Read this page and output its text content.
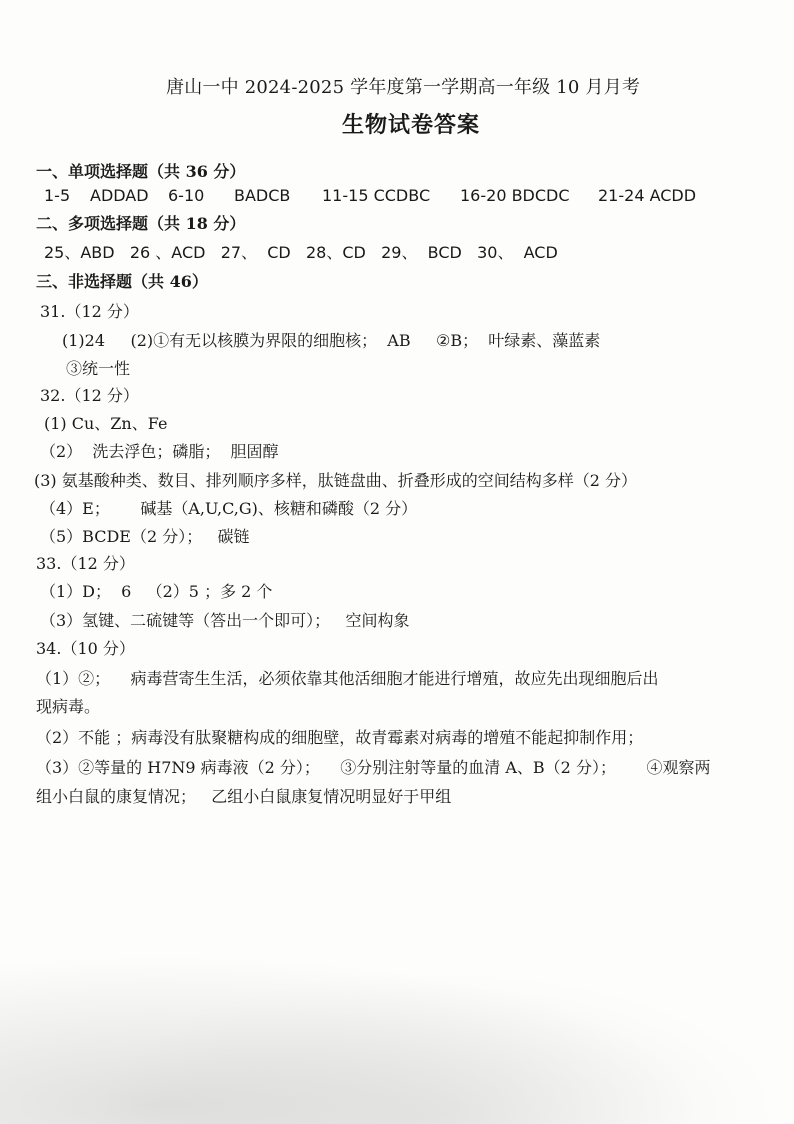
唐山一中 2024-2025 学年度第一学期高一年级 10 月月考
生物试卷答案
一、单项选择题（共 36 分）
1-5 ADDAD 6-10 BADCB 11-15 CCDBC 16-20 BDCDC 21-24 ACDD
二、多项选择题（共 18 分）
25、ABD   26 、ACD   27、  CD   28、CD   29、  BCD   30、  ACD
三、非选择题（共 46）
31.（12 分）
(1)24     (2)①有无以核膜为界限的细胞核；  AB     ②B；  叶绿素、藻蓝素
③统一性
32.（12 分）
(1) Cu、Zn、Fe
（2）  洗去浮色；磷脂；  胆固醇
(3) 氨基酸种类、数目、排列顺序多样，肽链盘曲、折叠形成的空间结构多样（2 分）
（4）E；      碱基（A,U,C,G)、核糖和磷酸（2 分）
（5）BCDE（2 分）；   碳链
33.（12 分）
（1）D；  6   （2）5 ；多 2 个
（3）氢键、二硫键等（答出一个即可）；   空间构象
34.（10 分）
（1）②；    病毒营寄生生活，必须依靠其他活细胞才能进行增殖，故应先出现细胞后出
现病毒。
（2）不能 ；病毒没有肽聚糖构成的细胞壁，故青霉素对病毒的增殖不能起抑制作用；
（3）②等量的 H7N9 病毒液（2 分）；    ③分别注射等量的血清 A、B（2 分）；      ④观察两
组小白鼠的康复情况；   乙组小白鼠康复情况明显好于甲组
